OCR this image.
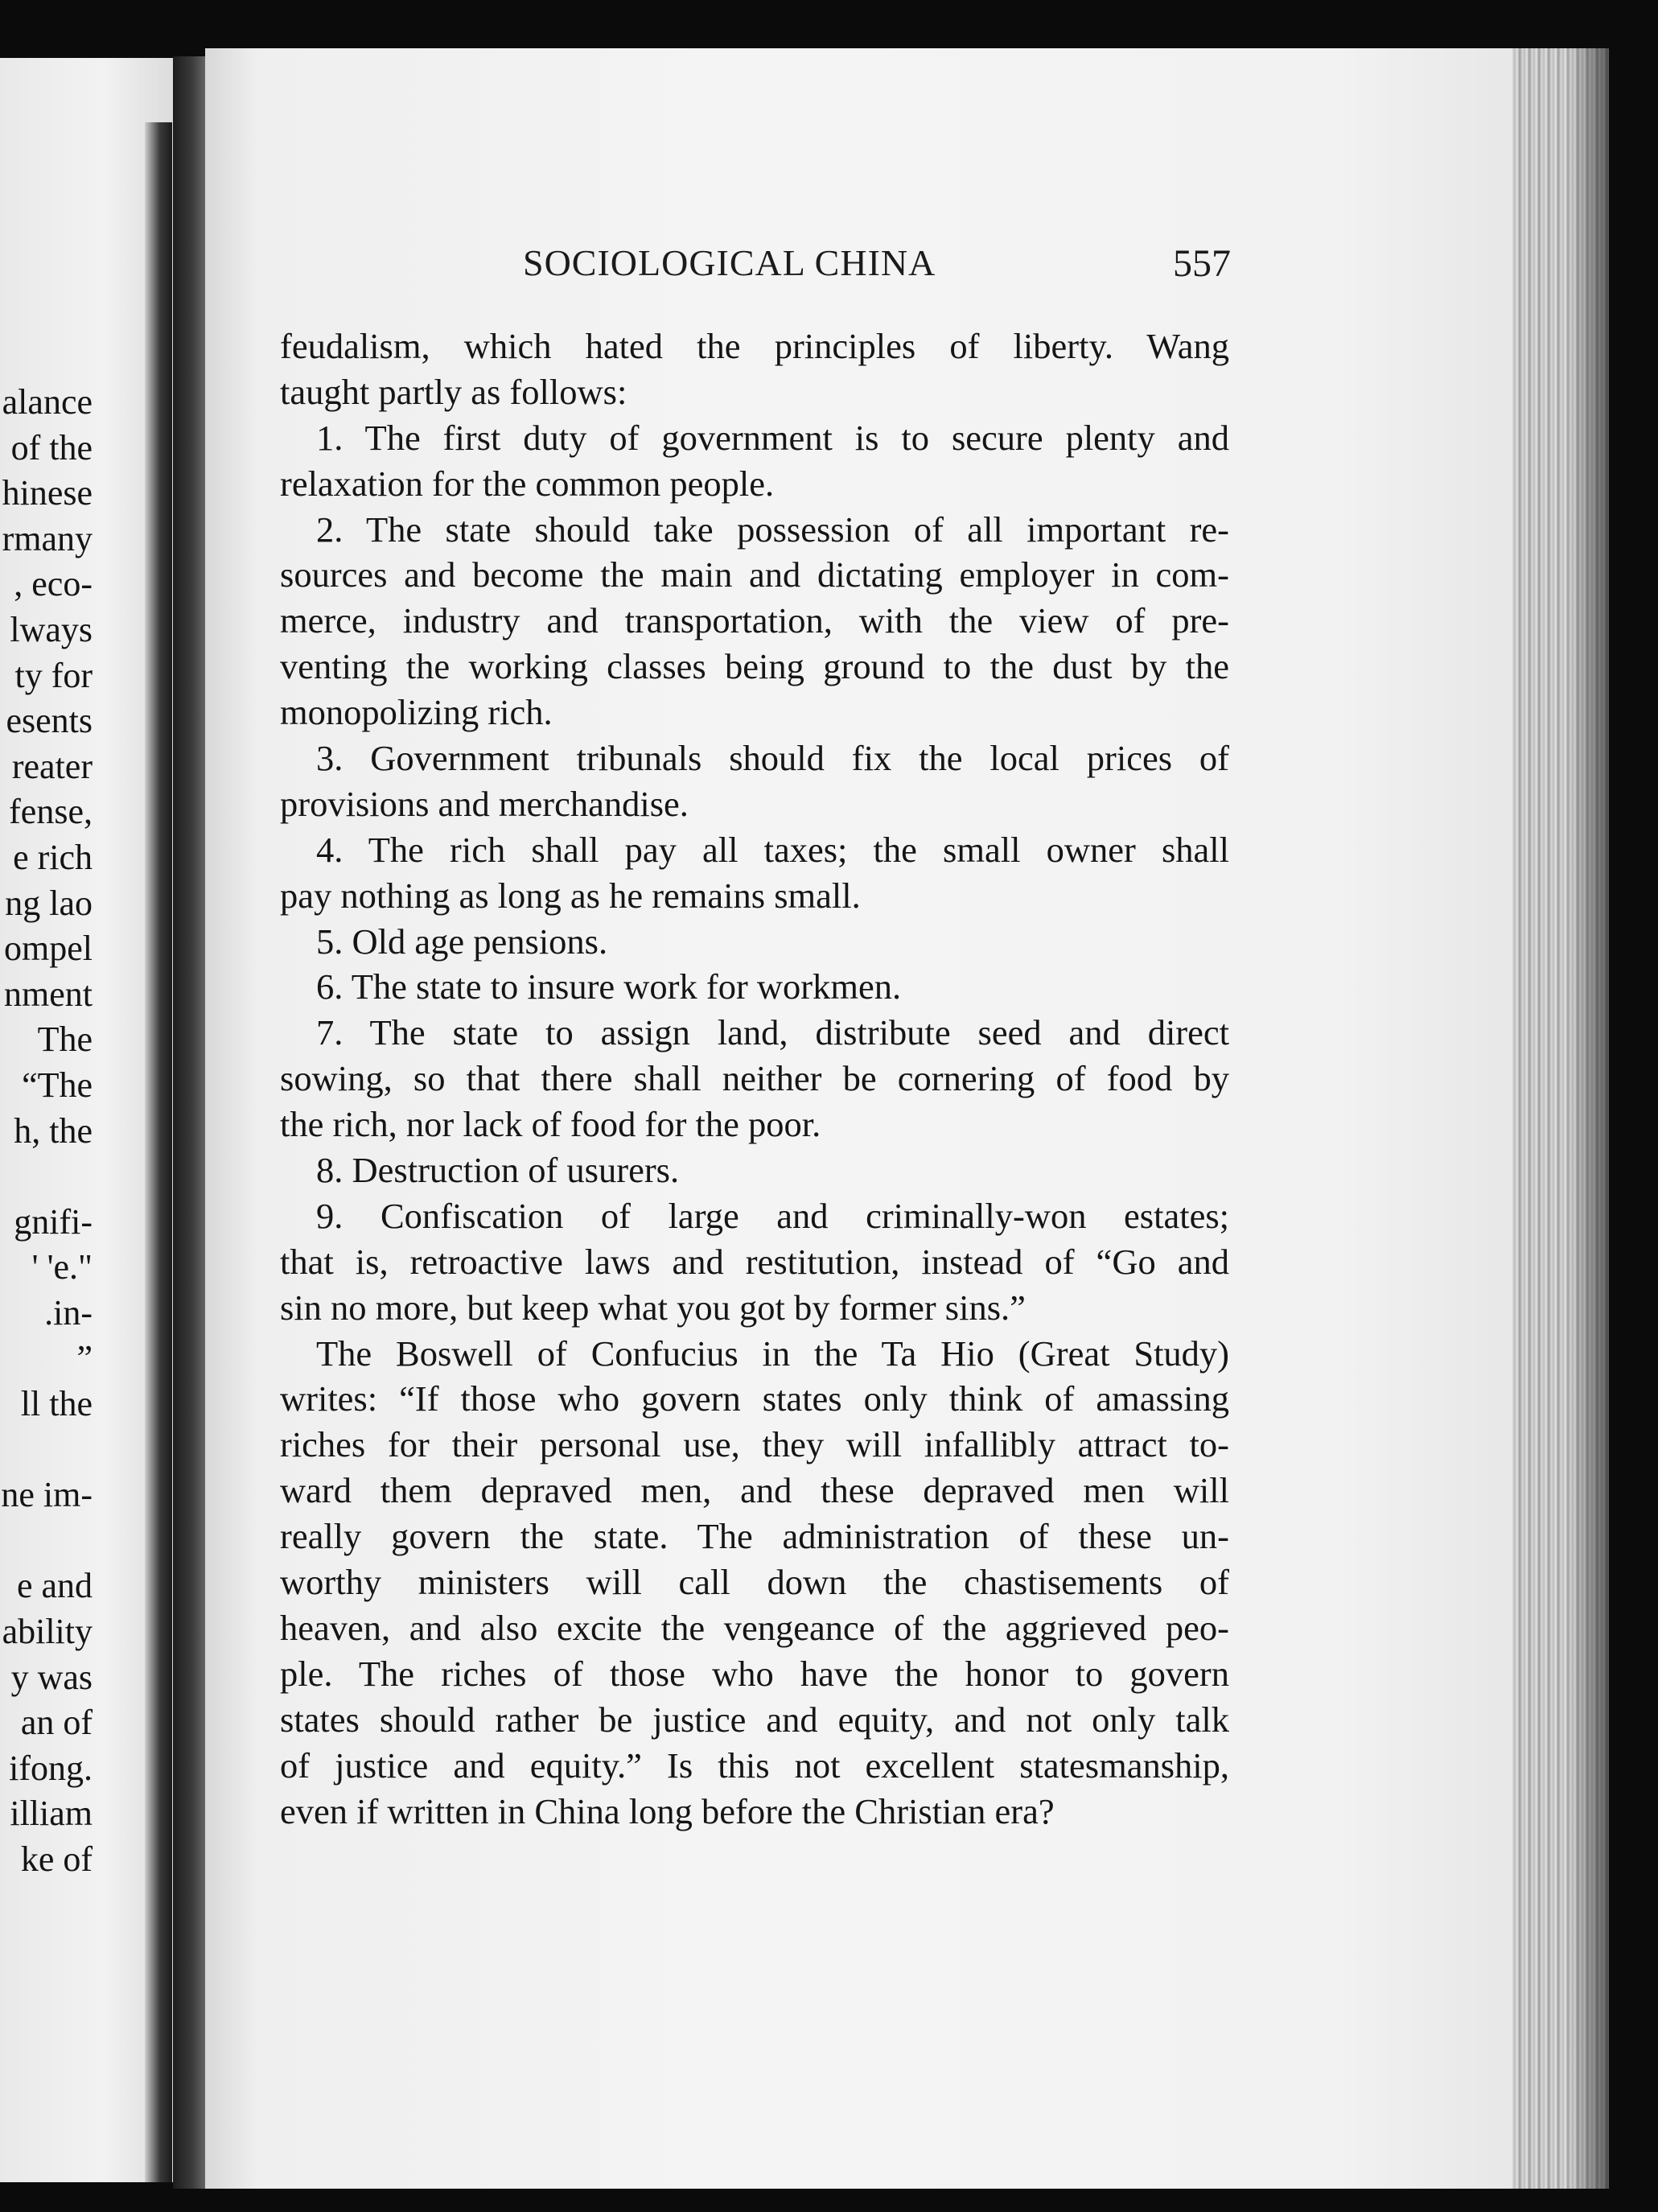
alance
of the
hinese
rmany
, eco-
lways
ty for
esents
reater
fense,
e rich
ng lao
ompel
nment
The
“The
h, the
gnifi-
' 'e."
.in-
”
ll the
ne im-
e and
ability
y was
an of
ifong.
illiam
ke of
SOCIOLOGICAL CHINA	557
feudalism, which hated the principles of liberty. Wang
taught partly as follows:
1. The first duty of government is to secure plenty and
relaxation for the common people.
2. The state should take possession of all important re-
sources and become the main and dictating employer in com-
merce, industry and transportation, with the view of pre-
venting the working classes being ground to the dust by the
monopolizing rich.
3. Government tribunals should fix the local prices of
provisions and merchandise.
4. The rich shall pay all taxes; the small owner shall
pay nothing as long as he remains small.
5. Old age pensions.
6. The state to insure work for workmen.
7. The state to assign land, distribute seed and direct
sowing, so that there shall neither be cornering of food by
the rich, nor lack of food for the poor.
8. Destruction of usurers.
9. Confiscation of large and criminally-won estates;
that is, retroactive laws and restitution, instead of “Go and
sin no more, but keep what you got by former sins.”
The Boswell of Confucius in the Ta Hio (Great Study)
writes: “If those who govern states only think of amassing
riches for their personal use, they will infallibly attract to-
ward them depraved men, and these depraved men will
really govern the state. The administration of these un-
worthy ministers will call down the chastisements of
heaven, and also excite the vengeance of the aggrieved peo-
ple. The riches of those who have the honor to govern
states should rather be justice and equity, and not only talk
of justice and equity.” Is this not excellent statesmanship,
even if written in China long before the Christian era?
